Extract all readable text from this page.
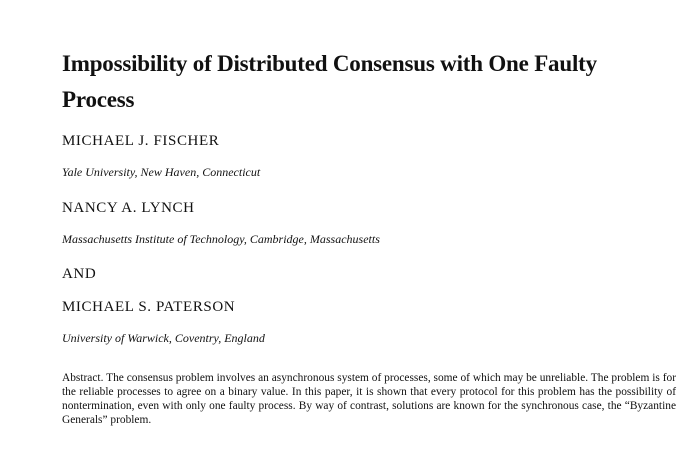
Impossibility of Distributed Consensus with One Faulty Process

MICHAEL J. FISCHER

Yale University, New Haven, Connecticut

NANCY A. LYNCH

Massachusetts Institute of Technology, Cambridge, Massachusetts

AND

MICHAEL S. PATERSON

University of Warwick, Coventry, England

Abstract. The consensus problem involves an asynchronous system of processes, some of which may be unreliable. The problem is for the reliable processes to agree on a binary value. In this paper, it is shown that every protocol for this problem has the possibility of nontermination, even with only one faulty process. By way of contrast, solutions are known for the synchronous case, the “Byzantine Generals” problem.
